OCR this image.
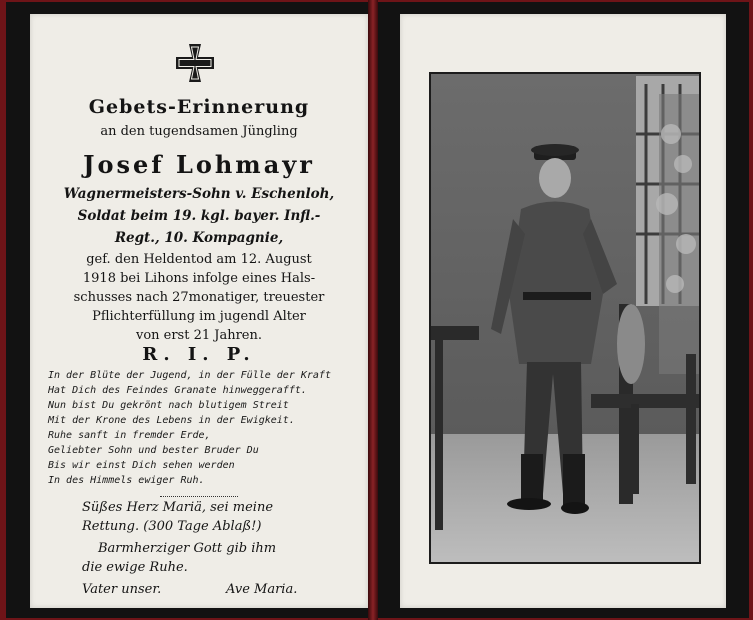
Gebets-Erinnerung
an den tugendsamen Jüngling
Josef Lohmayr
Wagnermeisters-Sohn v. Eschenloh,
Soldat beim 19. kgl. bayer. Infl.-
Regt., 10. Kompagnie,
gef. den Heldentod am 12. August
1918 bei Lihons infolge eines Hals-
schusses nach 27monatiger, treuester
Pflichterfüllung im jugendl Alter
von erst 21 Jahren.
R. I. P.
In der Blüte der Jugend, in der Fülle der Kraft
Hat Dich des Feindes Granate hinweggerafft.
Nun bist Du gekrönt nach blutigem Streit
Mit der Krone des Lebens in der Ewigkeit.
Ruhe sanft in fremder Erde,
Geliebter Sohn und bester Bruder Du
Bis wir einst Dich sehen werden
In des Himmels ewiger Ruh.
Süßes Herz Mariä, sei meine
Rettung. (300 Tage Ablaß!)
Barmherziger Gott gib ihm
die ewige Ruhe.
Vater unser.	Ave Maria.
